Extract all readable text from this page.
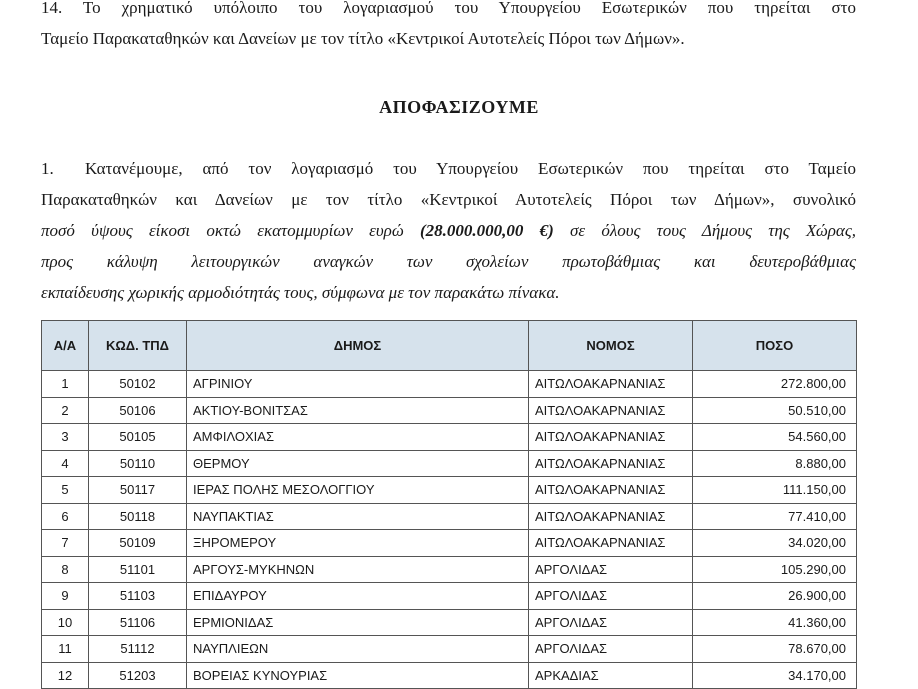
14. Το χρηματικό υπόλοιπο του λογαριασμού του Υπουργείου Εσωτερικών που τηρείται στο
Ταμείο Παρακαταθηκών και Δανείων με τον τίτλο «Κεντρικοί Αυτοτελείς Πόροι των Δήμων».
ΑΠΟΦΑΣΙΖΟΥΜΕ
1. Κατανέμουμε, από τον λογαριασμό του Υπουργείου Εσωτερικών που τηρείται στο Ταμείο
Παρακαταθηκών και Δανείων με τον τίτλο «Κεντρικοί Αυτοτελείς Πόροι των Δήμων», συνολικό
ποσό ύψους είκοσι οκτώ εκατομμυρίων ευρώ (28.000.000,00 €) σε όλους τους Δήμους της Χώρας,
προς κάλυψη λειτουργικών αναγκών των σχολείων πρωτοβάθμιας και δευτεροβάθμιας
εκπαίδευσης χωρικής αρμοδιότητάς τους, σύμφωνα με τον παρακάτω πίνακα.
Α/Α	ΚΩΔ. ΤΠΔ	ΔΗΜΟΣ	ΝΟΜΟΣ	ΠΟΣΟ
1	50102	ΑΓΡΙΝΙΟΥ	ΑΙΤΩΛΟΑΚΑΡΝΑΝΙΑΣ	272.800,00
2	50106	ΑΚΤΙΟΥ-ΒΟΝΙΤΣΑΣ	ΑΙΤΩΛΟΑΚΑΡΝΑΝΙΑΣ	50.510,00
3	50105	ΑΜΦΙΛΟΧΙΑΣ	ΑΙΤΩΛΟΑΚΑΡΝΑΝΙΑΣ	54.560,00
4	50110	ΘΕΡΜΟΥ	ΑΙΤΩΛΟΑΚΑΡΝΑΝΙΑΣ	8.880,00
5	50117	ΙΕΡΑΣ ΠΟΛΗΣ ΜΕΣΟΛΟΓΓΙΟΥ	ΑΙΤΩΛΟΑΚΑΡΝΑΝΙΑΣ	111.150,00
6	50118	ΝΑΥΠΑΚΤΙΑΣ	ΑΙΤΩΛΟΑΚΑΡΝΑΝΙΑΣ	77.410,00
7	50109	ΞΗΡΟΜΕΡΟΥ	ΑΙΤΩΛΟΑΚΑΡΝΑΝΙΑΣ	34.020,00
8	51101	ΑΡΓΟΥΣ-ΜΥΚΗΝΩΝ	ΑΡΓΟΛΙΔΑΣ	105.290,00
9	51103	ΕΠΙΔΑΥΡΟΥ	ΑΡΓΟΛΙΔΑΣ	26.900,00
10	51106	ΕΡΜΙΟΝΙΔΑΣ	ΑΡΓΟΛΙΔΑΣ	41.360,00
11	51112	ΝΑΥΠΛΙΕΩΝ	ΑΡΓΟΛΙΔΑΣ	78.670,00
12	51203	ΒΟΡΕΙΑΣ ΚΥΝΟΥΡΙΑΣ	ΑΡΚΑΔΙΑΣ	34.170,00
